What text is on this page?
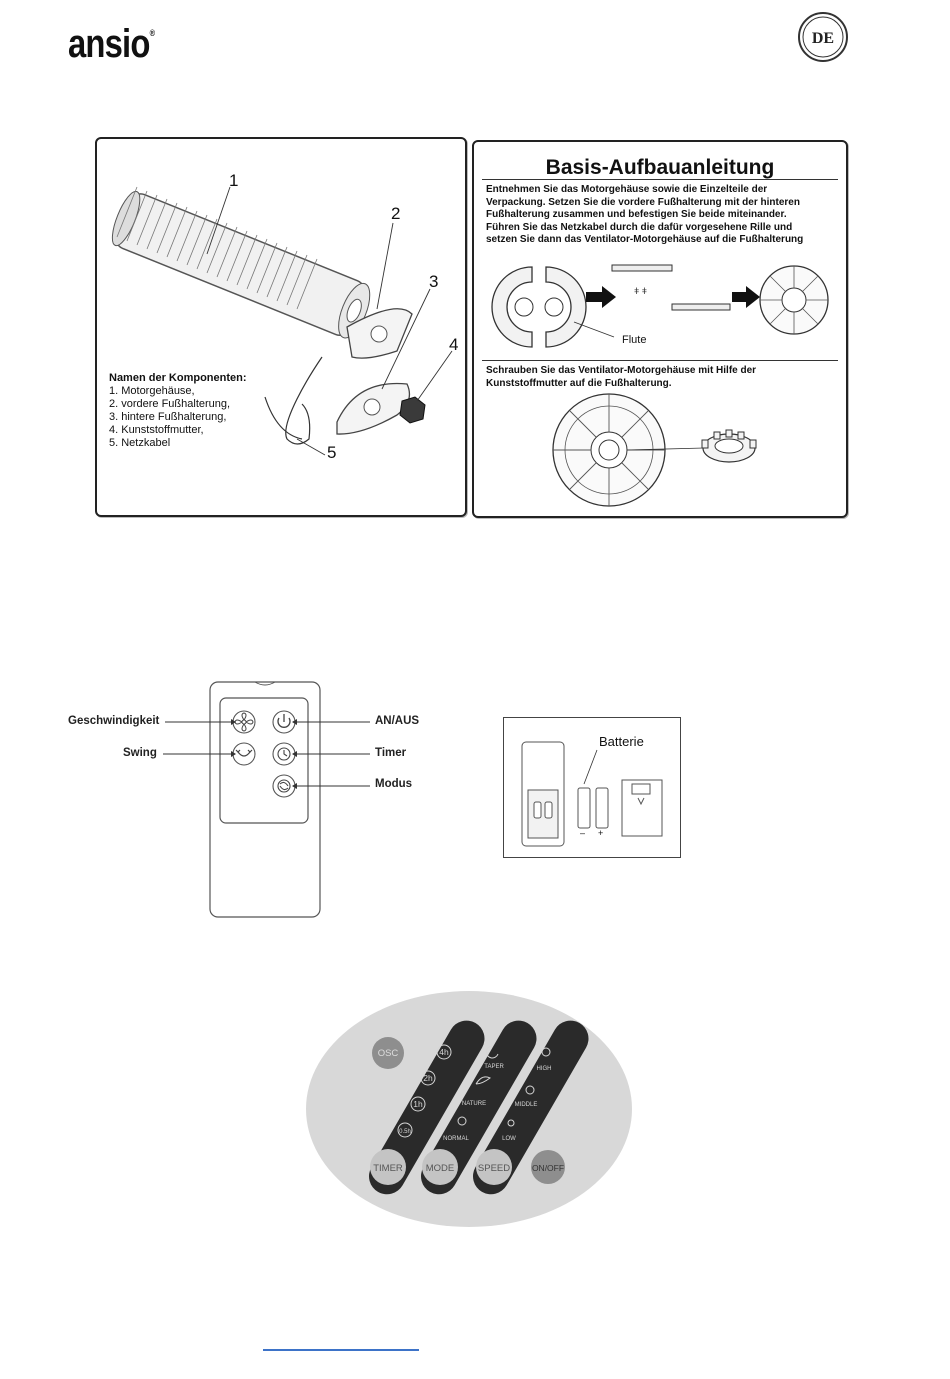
ansio®	DE
1
2
3
4
5
Namen der Komponenten:
1. Motorgehäuse,
2. vordere Fußhalterung,
3. hintere Fußhalterung,
4. Kunststoffmutter,
5. Netzkabel
Basis-Aufbauanleitung
Entnehmen Sie das Motorgehäuse sowie die Einzelteile der
Verpackung. Setzen Sie die vordere Fußhalterung mit der hinteren
Fußhalterung zusammen und befestigen Sie beide miteinander.
Führen Sie das Netzkabel durch die dafür vorgesehene Rille und
setzen Sie dann das Ventilator-Motorgehäuse auf die Fußhalterung
ǂ ǂ
Flute
Schrauben Sie das Ventilator-Motorgehäuse mit Hilfe der
Kunststoffmutter auf die Fußhalterung.
Geschwindigkeit
Swing
AN/AUS
Timer
Modus
Batterie
– +
OSC	4h
2h
1h
0.5h
TAPER
NATURE
NORMAL
HIGH
MIDDLE
LOW
TIMER MODE SPEED	ON/OFF
